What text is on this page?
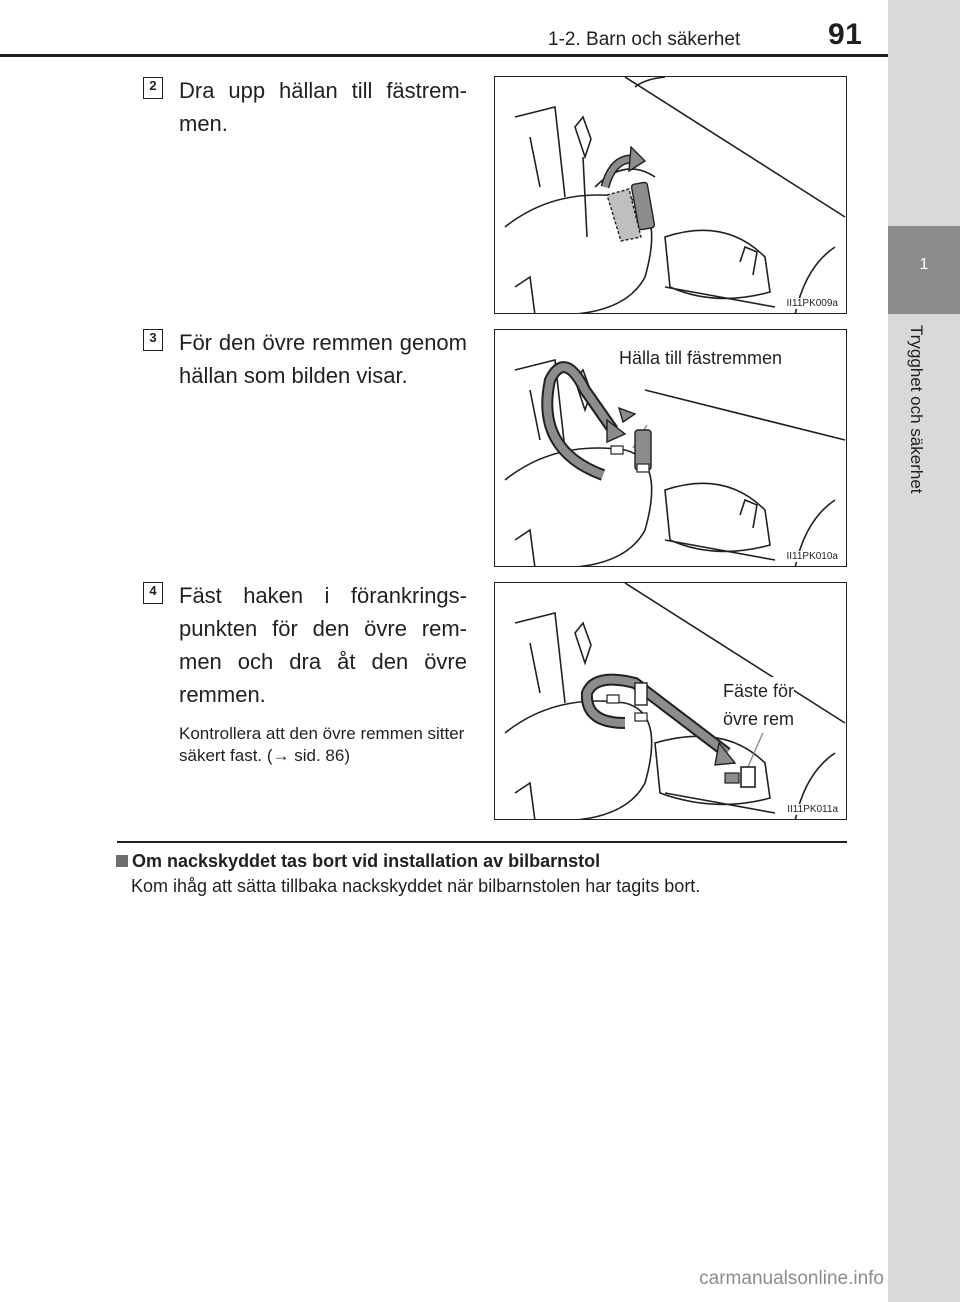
1-2. Barn och säkerhet	91
1
Trygghet och säkerhet
2 Dra upp hällan till fästrem-men.
3 För den övre remmen genom hällan som bilden visar.
4 Fäst haken i förankrings-punkten för den övre rem-men och dra åt den övre remmen.
Kontrollera att den övre remmen sitter säkert fast. (→ sid. 86)
II11PK009a
Hälla till fästremmen
II11PK010a
Fäste för
övre rem
II11PK011a
Om nackskyddet tas bort vid installation av bilbarnstol
Kom ihåg att sätta tillbaka nackskyddet när bilbarnstolen har tagits bort.
carmanualsonline.info
